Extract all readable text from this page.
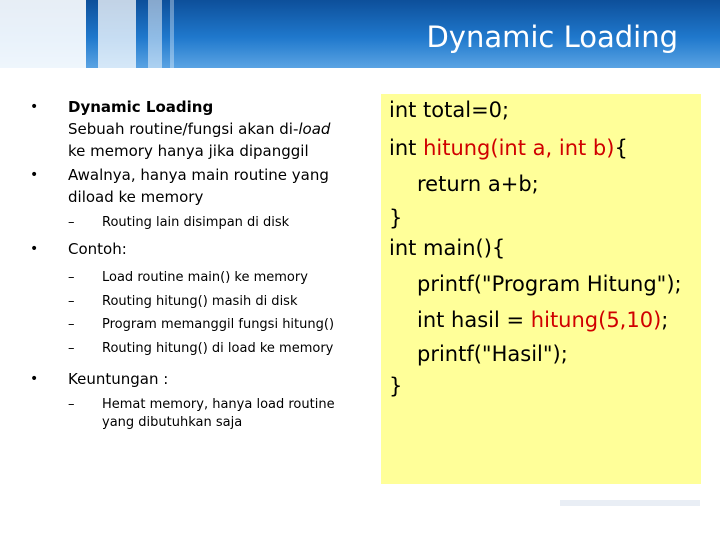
Dynamic Loading
• Dynamic Loading
Sebuah routine/fungsi akan di-load
ke memory hanya jika dipanggil
• Awalnya, hanya main routine yang
diload ke memory
– Routing lain disimpan di disk
• Contoh:
– Load routine main() ke memory
– Routing hitung() masih di disk
– Program memanggil fungsi hitung()
– Routing hitung() di load ke memory
• Keuntungan :
– Hemat memory, hanya load routine
yang dibutuhkan saja
int total=0;
int hitung(int a, int b){
return a+b;
}
int main(){
printf("Program Hitung");
int hasil = hitung(5,10);
printf("Hasil");
}
